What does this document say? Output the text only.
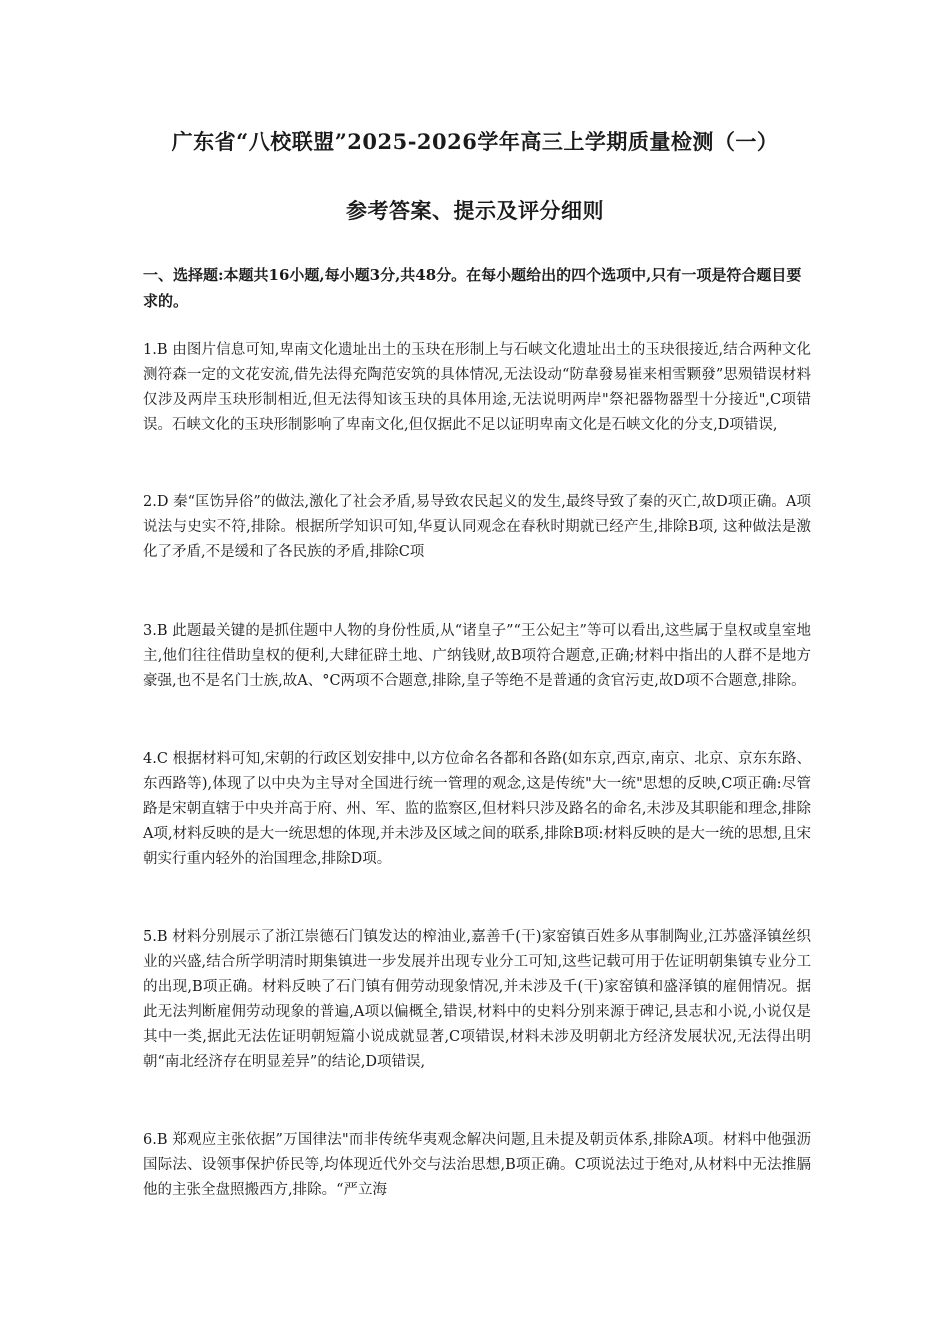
广东省“八校联盟”2025-2026学年高三上学期质量检测（一）
参考答案、提示及评分细则
一、选择题:本题共16小题,每小题3分,共48分。在每小题给出的四个选项中,只有一项是符合题目要求的。
1.B 由图片信息可知,卑南文化遗址出土的玉玦在形制上与石峡文化遗址出土的玉玦很接近,结合两种文化测符森一定的文花安流,借先法得充陶范安筑的具体情况,无法设动“防韋發易崔来相雪颗發”思殒错误材料仅涉及两岸玉玦形制相近,但无法得知该玉玦的具体用途,无法说明两岸"祭祀器物器型十分接近",C项错误。石峡文化的玉玦形制影响了卑南文化,但仅据此不足以证明卑南文化是石峡文化的分支,D项错误,
2.D 秦“匡饬异俗”的做法,激化了社会矛盾,易导致农民起义的发生,最终导致了秦的灭亡,故D项正确。A项说法与史实不符,排除。根据所学知识可知,华夏认同观念在春秋时期就已经产生,排除B项, 这种做法是激化了矛盾,不是缓和了各民族的矛盾,排除C项
3.B 此题最关键的是抓住题中人物的身份性质,从“诸皇子”“王公妃主”等可以看出,这些属于皇权或皇室地主,他们往往借助皇权的便利,大肆征辟土地、广纳钱财,故B项符合题意,正确;材料中指出的人群不是地方豪强,也不是名门士族,故A、°C两项不合题意,排除,皇子等绝不是普通的贪官污吏,故D项不合题意,排除。
4.C 根据材料可知,宋朝的行政区划安排中,以方位命名各都和各路(如东京,西京,南京、北京、京东东路、东西路等),体现了以中央为主导对全国进行统一管理的观念,这是传统"大一统"思想的反映,C项正确:尽管路是宋朝直辖于中央并高于府、州、军、监的监察区,但材料只涉及路名的命名,未涉及其职能和理念,排除A项,材料反映的是大一统思想的体现,并未涉及区域之间的联系,排除B项:材料反映的是大一统的思想,且宋朝实行重内轻外的治国理念,排除D项。
5.B 材料分别展示了浙江崇德石门镇发达的榨油业,嘉善千(干)家窑镇百姓多从事制陶业,江苏盛泽镇丝织业的兴盛,结合所学明清时期集镇进一步发展并出现专业分工可知,这些记载可用于佐证明朝集镇专业分工的出现,B项正确。材料反映了石门镇有佣劳动现象情况,并未涉及千(干)家窑镇和盛泽镇的雇佣情况。据此无法判断雇佣劳动现象的普遍,A项以偏概全,错误,材料中的史料分别来源于碑记,县志和小说,小说仅是其中一类,据此无法佐证明朝短篇小说成就显著,C项错误,材料未涉及明朝北方经济发展状况,无法得出明朝“南北经济存在明显差异”的结论,D项错误,
6.B 郑观应主张依据”万国律法"而非传统华夷观念解决问题,且未提及朝贡体系,排除A项。材料中他强沥国际法、设领事保护侨民等,均体现近代外交与法治思想,B项正确。C项说法过于绝对,从材料中无法推膈他的主张全盘照搬西方,排除。“严立海
